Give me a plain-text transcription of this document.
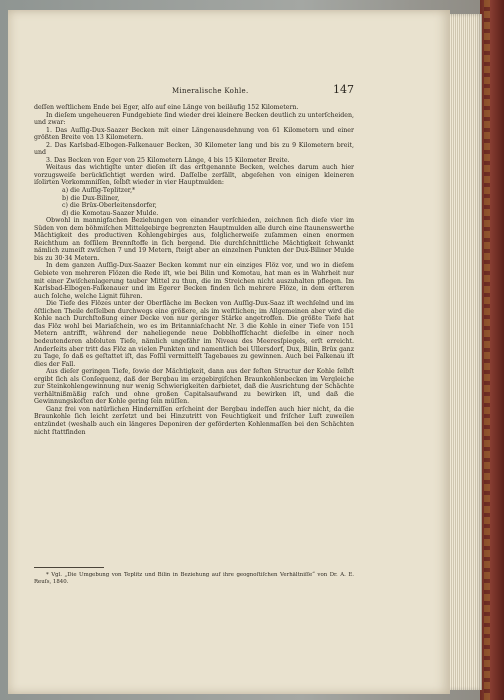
Mineralische Kohle.	147

deſſen weſtlichem Ende bei Eger, alſo auf eine Länge von beiläufig 152 Kilometern.

In dieſem ungeheueren Fundgebiete ſind wieder drei kleinere Becken deutlich zu unterſcheiden, und zwar:

1. Das Auſſig-Dux-Saazer Becken mit einer Längenausdehnung von 61 Kilometern und einer größten Breite von 13 Kilometern.

2. Das Karlsbad-Elbogen-Falkenauer Becken, 30 Kilometer lang und bis zu 9 Kilometern breit, und

3. Das Becken von Eger von 25 Kilometern Länge, 4 bis 15 Kilometer Breite.

Weitaus das wichtigſte unter dieſen iſt das erſtgenannte Becken, welches darum auch hier vorzugsweiſe berückſichtigt werden wird. Daſſelbe zerfällt, abgeſehen von einigen kleineren iſolirten Vorkommniſſen, ſelbſt wieder in vier Hauptmulden:

a) die Auſſig-Teplitzer,*
b) die Dux-Biliner,
c) die Brüx-Oberleitensdorfer,
d) die Komotau-Saazer Mulde.

Obwohl in mannigfachen Beziehungen von einander verſchieden, zeichnen ſich dieſe vier im Süden von dem böhmiſchen Mittelgebirge begrenzten Hauptmulden alle durch eine ſtaunenswerthe Mächtigkeit des productiven Kohlengebirges aus, folglicherweiſe zuſammen einen enormen Reichthum an foſſilem Brennſtoffe in ſich bergend. Die durchſchnittliche Mächtigkeit ſchwankt nämlich zumeiſt zwiſchen 7 und 19 Metern, ſteigt aber an einzelnen Punkten der Dux-Biliner Mulde bis zu 30·34 Metern.

In dem ganzen Auſſig-Dux-Saazer Becken kommt nur ein einziges Flöz vor, und wo in dieſem Gebiete von mehreren Flözen die Rede iſt, wie bei Bilin und Komotau, hat man es in Wahrheit nur mit einer Zwiſchenlagerung tauber Mittel zu thun, die im Streichen nicht auszuhalten pflegen. Im Karlsbad-Elbogen-Falkenauer und im Egerer Becken finden ſich mehrere Flöze, in dem erſteren auch ſolche, welche Lignit führen.

Die Tiefe des Flözes unter der Oberfläche im Becken von Auſſig-Dux-Saaz iſt wechſelnd und im öſtlichen Theile deſſelben durchwegs eine größere, als im weſtlichen; im Allgemeinen aber wird die Kohle nach Durchſtoßung einer Decke von nur geringer Stärke angetroffen. Die größte Tiefe hat das Flöz wohl bei Mariaſchein, wo es im Britanniaſchacht Nr. 3 die Kohle in einer Tiefe von 151 Metern antrifft, während der naheliegende neue Dobblhoffſchacht dieſelbe in einer noch bedeutenderen abſoluten Tiefe, nämlich ungefähr im Niveau des Meeresſpiegels, erſt erreicht. Anderſeits aber tritt das Flöz an vielen Punkten und namentlich bei Ullersdorf, Dux, Bilin, Brüx ganz zu Tage, ſo daß es geſtattet iſt, das Foſſil vermittelſt Tagebaues zu gewinnen. Auch bei Falkenau iſt dies der Fall.

Aus dieſer geringen Tiefe, ſowie der Mächtigkeit, dann aus der feſten Structur der Kohle ſelbſt ergibt ſich als Conſequenz, daß der Bergbau im erzgebirgiſchen Braunkohlenbecken im Vergleiche zur Steinkohlengewinnung nur wenig Schwierigkeiten darbietet, daß die Ausrichtung der Schächte verhältnißmäßig raſch und ohne großen Capitalsaufwand zu bewirken iſt, und daß die Gewinnungskoſten der Kohle gering ſein müſſen.

Ganz frei von natürlichen Hinderniſſen erſcheint der Bergbau indeſſen auch hier nicht, da die Braunkohle ſich leicht zerſetzt und bei Hinzutritt von Feuchtigkeit und friſcher Luft zuweilen entzündet (weshalb auch ein längeres Deponiren der geförderten Kohlenmaſſen bei den Schächten nicht ſtattfinden

* Vgl. „Die Umgebung von Teplitz und Bilin in Beziehung auf ihre geognoſtiſchen Verhältniſſe“ von Dr. A. E. Reuſs, 1840.
